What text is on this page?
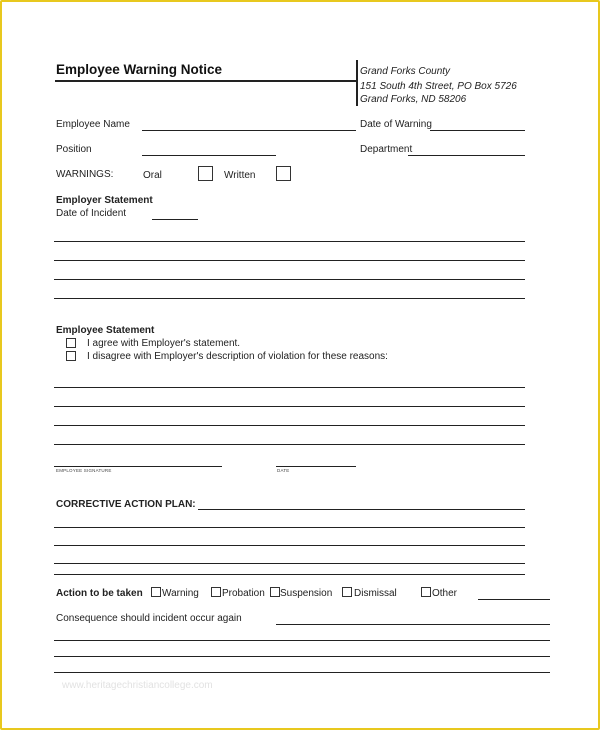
Employee Warning Notice	Grand Forks County
151 South 4th Street, PO Box 5726
Grand Forks, ND 58206
Employee Name	Date of Warning
Position	Department
WARNINGS:	Oral	Written
Employer Statement
Date of Incident
Employee Statement
I agree with Employer's statement.
I disagree with Employer's description of violation for these reasons:
EMPLOYEE SIGNATURE	DATE
CORRECTIVE ACTION PLAN:
Action to be taken Warning Probation Suspension Dismissal	Other
Consequence should incident occur again
www.heritagechristiancollege.com
